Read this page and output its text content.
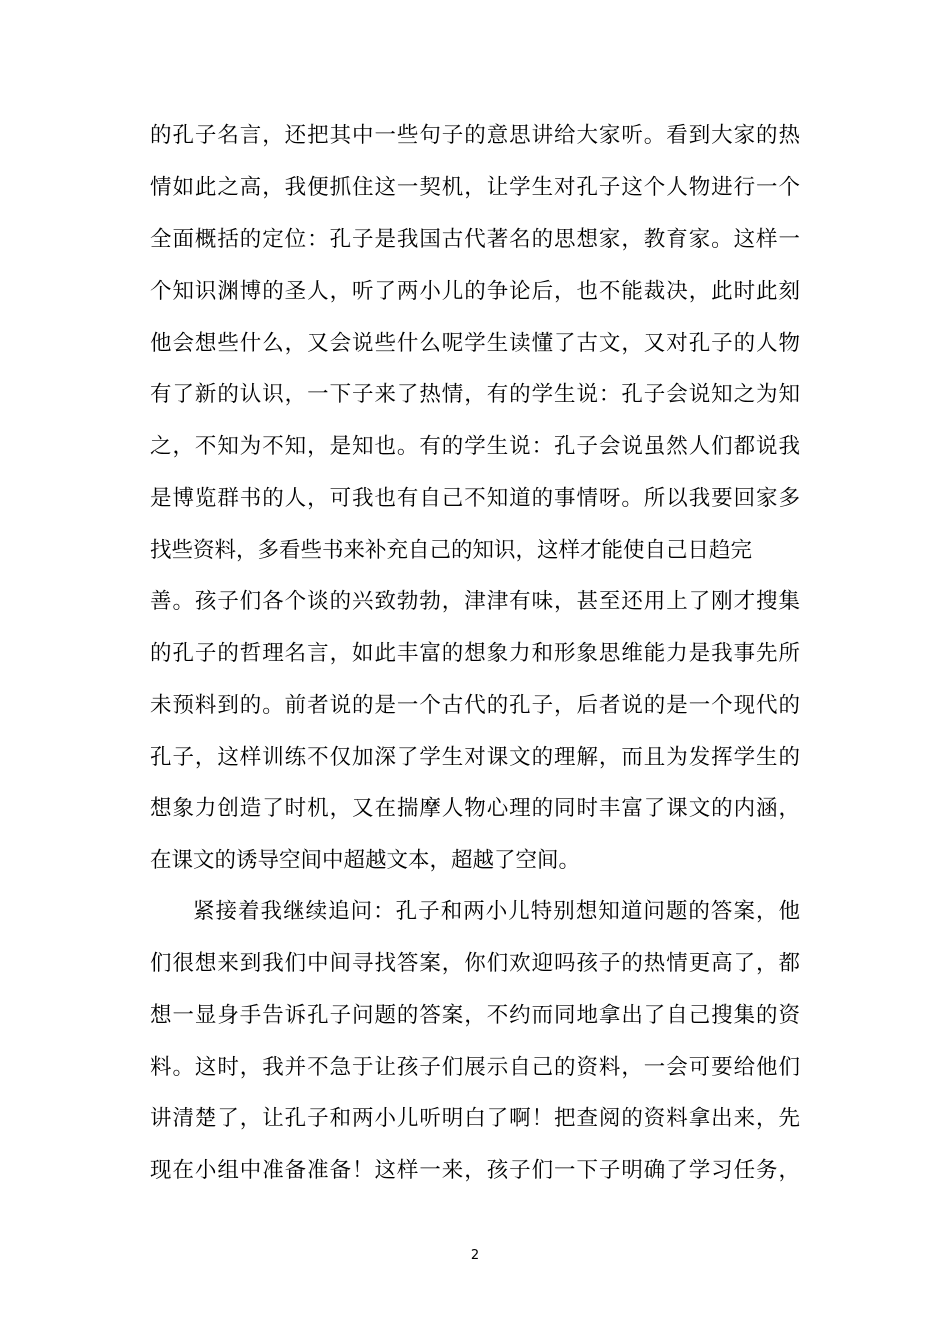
的孔子名言，还把其中一些句子的意思讲给大家听。看到大家的热
情如此之高，我便抓住这一契机，让学生对孔子这个人物进行一个
全面概括的定位：孔子是我国古代著名的思想家，教育家。这样一
个知识渊博的圣人，听了两小儿的争论后，也不能裁决，此时此刻
他会想些什么，又会说些什么呢学生读懂了古文，又对孔子的人物
有了新的认识，一下子来了热情，有的学生说：孔子会说知之为知
之，不知为不知，是知也。有的学生说：孔子会说虽然人们都说我
是博览群书的人，可我也有自己不知道的事情呀。所以我要回家多
找些资料，多看些书来补充自己的知识，这样才能使自己日趋完
善。孩子们各个谈的兴致勃勃，津津有味，甚至还用上了刚才搜集
的孔子的哲理名言，如此丰富的想象力和形象思维能力是我事先所
未预料到的。前者说的是一个古代的孔子，后者说的是一个现代的
孔子，这样训练不仅加深了学生对课文的理解，而且为发挥学生的
想象力创造了时机，又在揣摩人物心理的同时丰富了课文的内涵，
在课文的诱导空间中超越文本，超越了空间。
紧接着我继续追问：孔子和两小儿特别想知道问题的答案，他
们很想来到我们中间寻找答案，你们欢迎吗孩子的热情更高了，都
想一显身手告诉孔子问题的答案，不约而同地拿出了自己搜集的资
料。这时，我并不急于让孩子们展示自己的资料，一会可要给他们
讲清楚了，让孔子和两小儿听明白了啊！把查阅的资料拿出来，先
现在小组中准备准备！这样一来，孩子们一下子明确了学习任务，
2
